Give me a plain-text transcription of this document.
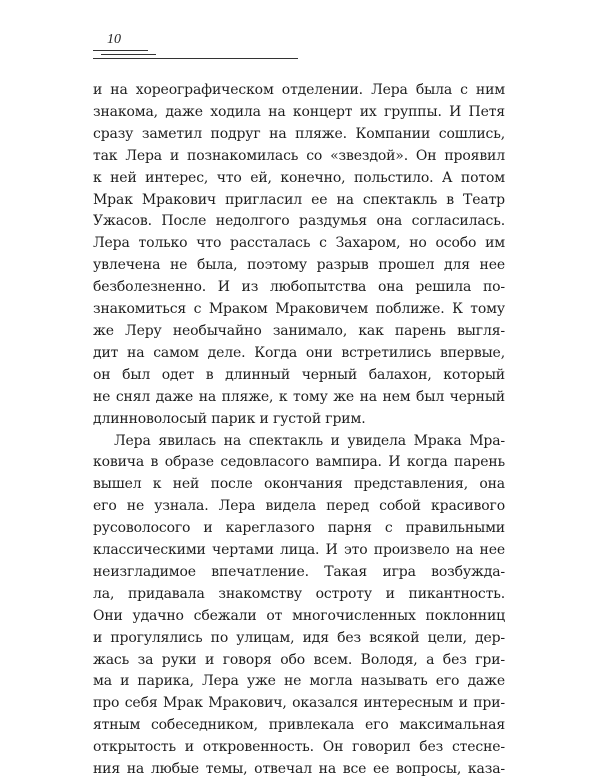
10
и на хореографическом отделении. Лера была с ним
знакома, даже ходила на концерт их группы. И Петя
сразу заметил подруг на пляже. Компании сошлись,
так Лера и познакомилась со «звездой». Он проявил
к ней интерес, что ей, конечно, польстило. А потом
Мрак Мракович пригласил ее на спектакль в Театр
Ужасов. После недолгого раздумья она согласилась.
Лера только что рассталась с Захаром, но особо им
увлечена не была, поэтому разрыв прошел для нее
безболезненно. И из любопытства она решила по-
знакомиться с Мраком Мраковичем поближе. К тому
же Леру необычайно занимало, как парень выгля-
дит на самом деле. Когда они встретились впервые,
он был одет в длинный черный балахон, который
не снял даже на пляже, к тому же на нем был черный
длинноволосый парик и густой грим.
Лера явилась на спектакль и увидела Мрака Мра-
ковича в образе седовласого вампира. И когда парень
вышел к ней после окончания представления, она
его не узнала. Лера видела перед собой красивого
русоволосого и кареглазого парня с правильными
классическими чертами лица. И это произвело на нее
неизгладимое впечатление. Такая игра возбужда-
ла, придавала знакомству остроту и пикантность.
Они удачно сбежали от многочисленных поклонниц
и прогулялись по улицам, идя без всякой цели, дер-
жась за руки и говоря обо всем. Володя, а без гри-
ма и парика, Лера уже не могла называть его даже
про себя Мрак Мракович, оказался интересным и при-
ятным собеседником, привлекала его максимальная
открытость и откровенность. Он говорил без стесне-
ния на любые темы, отвечал на все ее вопросы, каза-
